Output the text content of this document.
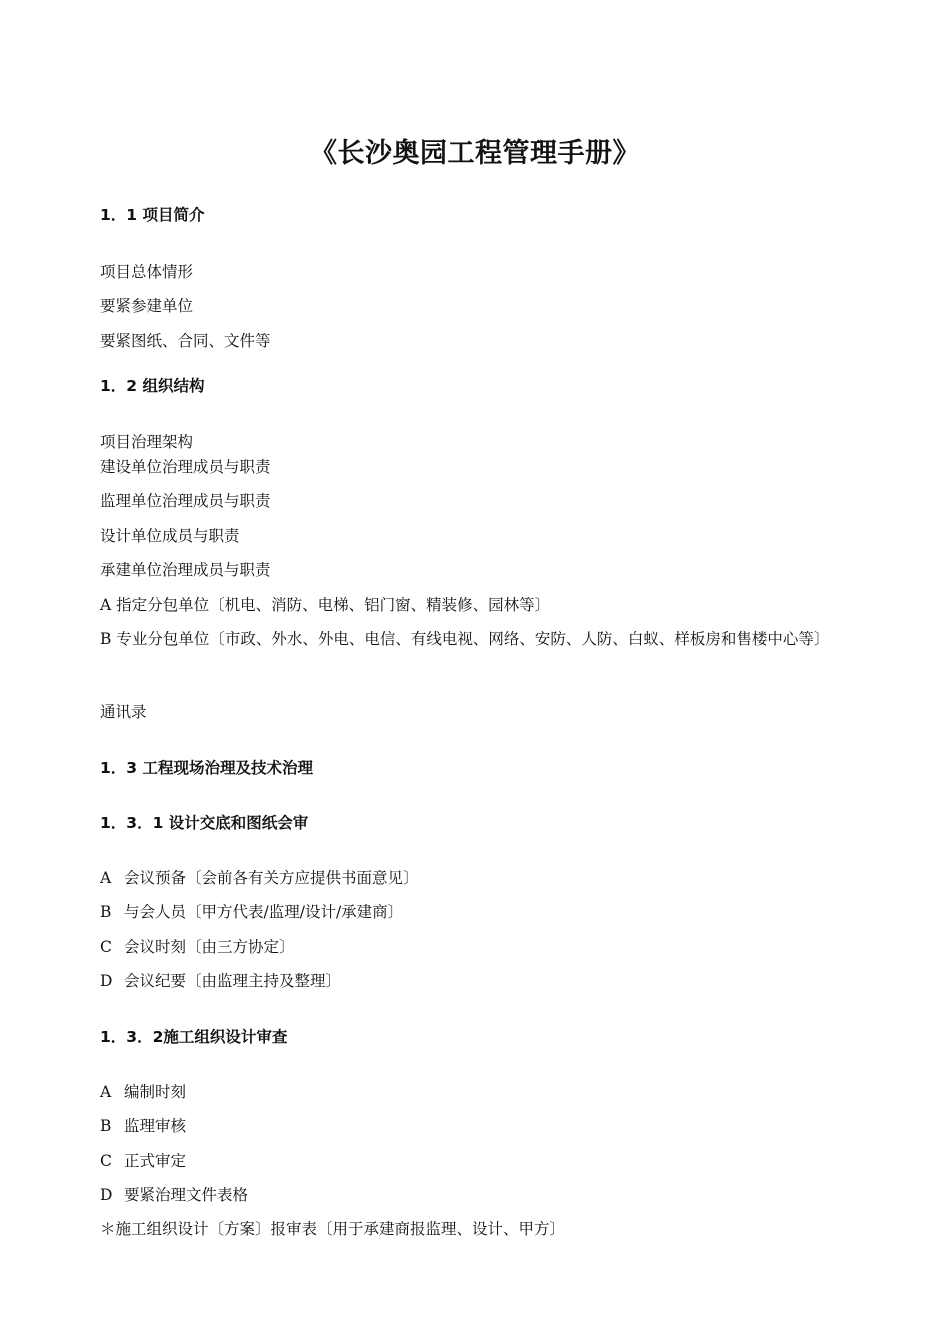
《长沙奥园工程管理手册》
1．1 项目简介
项目总体情形
要紧参建单位
要紧图纸、合同、文件等
1．2 组织结构
项目治理架构
建设单位治理成员与职责
监理单位治理成员与职责
设计单位成员与职责
承建单位治理成员与职责
A 指定分包单位〔机电、消防、电梯、铝门窗、精装修、园林等〕
B 专业分包单位〔市政、外水、外电、电信、有线电视、网络、安防、人防、白蚁、样板房和售楼中心等〕
通讯录
1．3 工程现场治理及技术治理
1．3．1 设计交底和图纸会审
A 会议预备〔会前各有关方应提供书面意见〕
B 与会人员〔甲方代表/监理/设计/承建商〕
C 会议时刻〔由三方协定〕
D 会议纪要〔由监理主持及整理〕
1．3．2施工组织设计审查
A 编制时刻
B 监理审核
C 正式审定
D 要紧治理文件表格
＊施工组织设计〔方案〕报审表〔用于承建商报监理、设计、甲方〕
